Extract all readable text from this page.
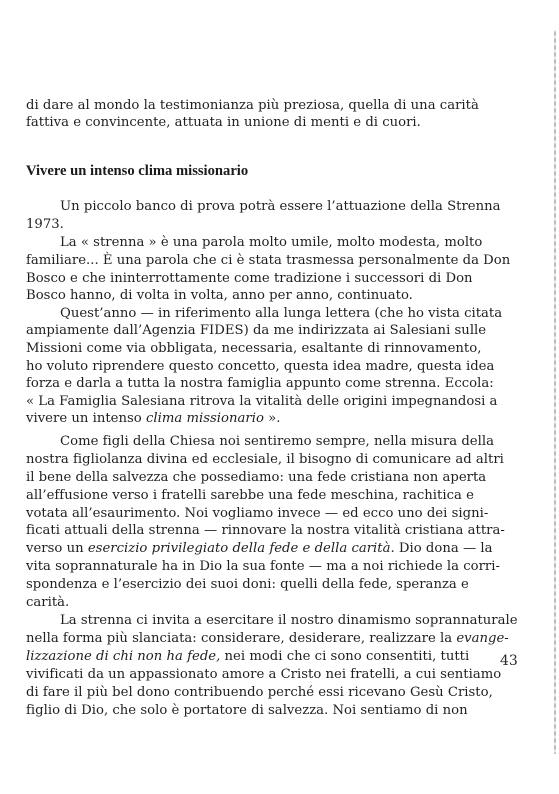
di dare al mondo la testimonianza più preziosa, quella di una carità
fattiva e convincente, attuata in unione di menti e di cuori.
Un piccolo banco di prova potrà essere l’attuazione della Strenna
1973.
La « strenna » è una parola molto umile, molto modesta, molto
familiare... È una parola che ci è stata trasmessa personalmente da Don
Bosco e che ininterrottamente come tradizione i successori di Don
Bosco hanno, di volta in volta, anno per anno, continuato.
Quest’anno — in riferimento alla lunga lettera (che ho vista citata
ampiamente dall’Agenzia FIDES) da me indirizzata ai Salesiani sulle
Missioni come via obbligata, necessaria, esaltante di rinnovamento,
ho voluto riprendere questo concetto, questa idea madre, questa idea
forza e darla a tutta la nostra famiglia appunto come strenna. Eccola:
« La Famiglia Salesiana ritrova la vitalità delle origini impegnandosi a
vivere un intenso clima missionario ».
Come figli della Chiesa noi sentiremo sempre, nella misura della
nostra figliolanza divina ed ecclesiale, il bisogno di comunicare ad altri
il bene della salvezza che possediamo: una fede cristiana non aperta
all’effusione verso i fratelli sarebbe una fede meschina, rachitica e
votata all’esaurimento. Noi vogliamo invece — ed ecco uno dei signi-
ficati attuali della strenna — rinnovare la nostra vitalità cristiana attra-
verso un esercizio privilegiato della fede e della carità. Dio dona — la
vita soprannaturale ha in Dio la sua fonte — ma a noi richiede la corri-
spondenza e l’esercizio dei suoi doni: quelli della fede, speranza e
carità.
La strenna ci invita a esercitare il nostro dinamismo soprannaturale
nella forma più slanciata: considerare, desiderare, realizzare la evange-
lizzazione di chi non ha fede, nei modi che ci sono consentiti, tutti
vivificati da un appassionato amore a Cristo nei fratelli, a cui sentiamo
di fare il più bel dono contribuendo perché essi ricevano Gesù Cristo,
figlio di Dio, che solo è portatore di salvezza. Noi sentiamo di non
Vivere un intenso clima missionario
43
